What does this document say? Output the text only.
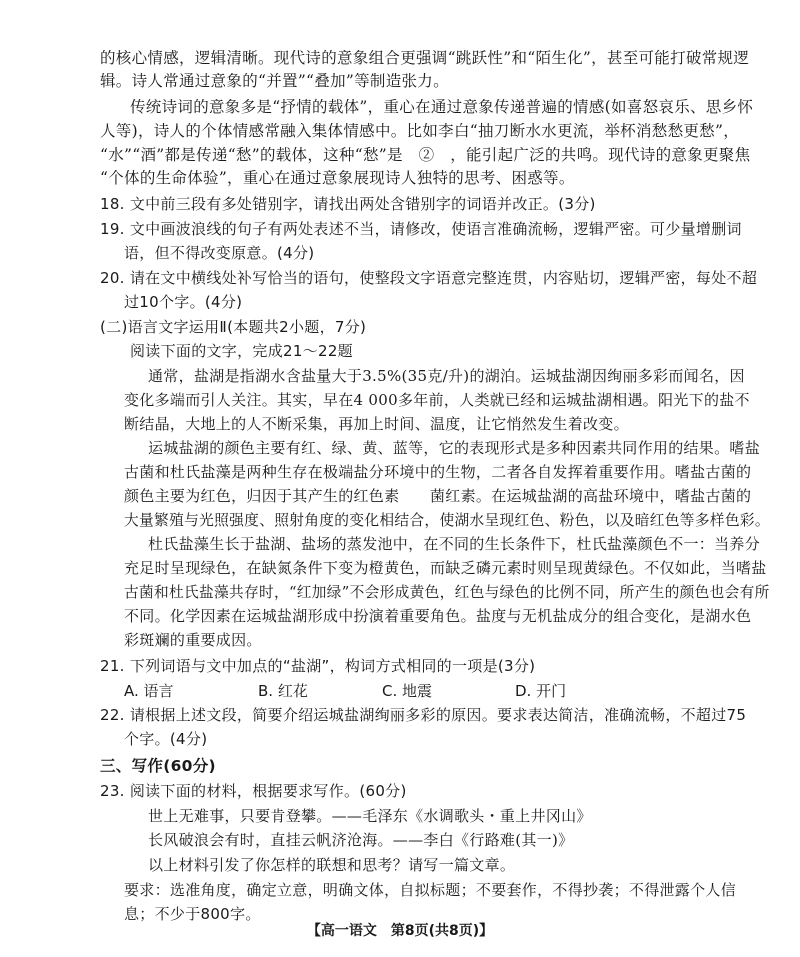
的核心情感，逻辑清晰。现代诗的意象组合更强调“跳跃性”和“陌生化”，甚至可能打破常规逻
辑。诗人常通过意象的“并置”“叠加”等制造张力。
传统诗词的意象多是“抒情的载体”，重心在通过意象传递普遍的情感(如喜怒哀乐、思乡怀
人等)，诗人的个体情感常融入集体情感中。比如李白“抽刀断水水更流，举杯消愁愁更愁”，
“水”“酒”都是传递“愁”的载体，这种“愁”是　②　，能引起广泛的共鸣。现代诗的意象更聚焦
“个体的生命体验”，重心在通过意象展现诗人独特的思考、困惑等。
18. 文中前三段有多处错别字，请找出两处含错别字的词语并改正。(3分)
19. 文中画波浪线的句子有两处表述不当，请修改，使语言准确流畅，逻辑严密。可少量增删词
语，但不得改变原意。(4分)
20. 请在文中横线处补写恰当的语句，使整段文字语意完整连贯，内容贴切，逻辑严密，每处不超
过10个字。(4分)
(二)语言文字运用Ⅱ(本题共2小题，7分)
阅读下面的文字，完成21～22题
通常，盐湖是指湖水含盐量大于3.5%(35克/升)的湖泊。运城盐湖因绚丽多彩而闻名，因
变化多端而引人关注。其实，早在4 000多年前，人类就已经和运城盐湖相遇。阳光下的盐不
断结晶，大地上的人不断采集，再加上时间、温度，让它悄然发生着改变。
运城盐湖的颜色主要有红、绿、黄、蓝等，它的表现形式是多种因素共同作用的结果。嗜盐
古菌和杜氏盐藻是两种生存在极端盐分环境中的生物，二者各自发挥着重要作用。嗜盐古菌的
颜色主要为红色，归因于其产生的红色素　　菌红素。在运城盐湖的高盐环境中，嗜盐古菌的
大量繁殖与光照强度、照射角度的变化相结合，使湖水呈现红色、粉色，以及暗红色等多样色彩。
杜氏盐藻生长于盐湖、盐场的蒸发池中，在不同的生长条件下，杜氏盐藻颜色不一：当养分
充足时呈现绿色，在缺氮条件下变为橙黄色，而缺乏磷元素时则呈现黄绿色。不仅如此，当嗜盐
古菌和杜氏盐藻共存时，“红加绿”不会形成黄色，红色与绿色的比例不同，所产生的颜色也会有所
不同。化学因素在运城盐湖形成中扮演着重要角色。盐度与无机盐成分的组合变化，是湖水色
彩斑斓的重要成因。
21. 下列词语与文中加点的“盐湖”，构词方式相同的一项是(3分)
A. 语言	B. 红花	C. 地震	D. 开门
22. 请根据上述文段，简要介绍运城盐湖绚丽多彩的原因。要求表达简洁，准确流畅，不超过75
个字。(4分)
三、写作(60分)
23. 阅读下面的材料，根据要求写作。(60分)
世上无难事，只要肯登攀。——毛泽东《水调歌头・重上井冈山》
长风破浪会有时，直挂云帆济沧海。——李白《行路难(其一)》
以上材料引发了你怎样的联想和思考？请写一篇文章。
要求：选准角度，确定立意，明确文体，自拟标题；不要套作，不得抄袭；不得泄露个人信
息；不少于800字。
【高一语文　第8页(共8页)】
